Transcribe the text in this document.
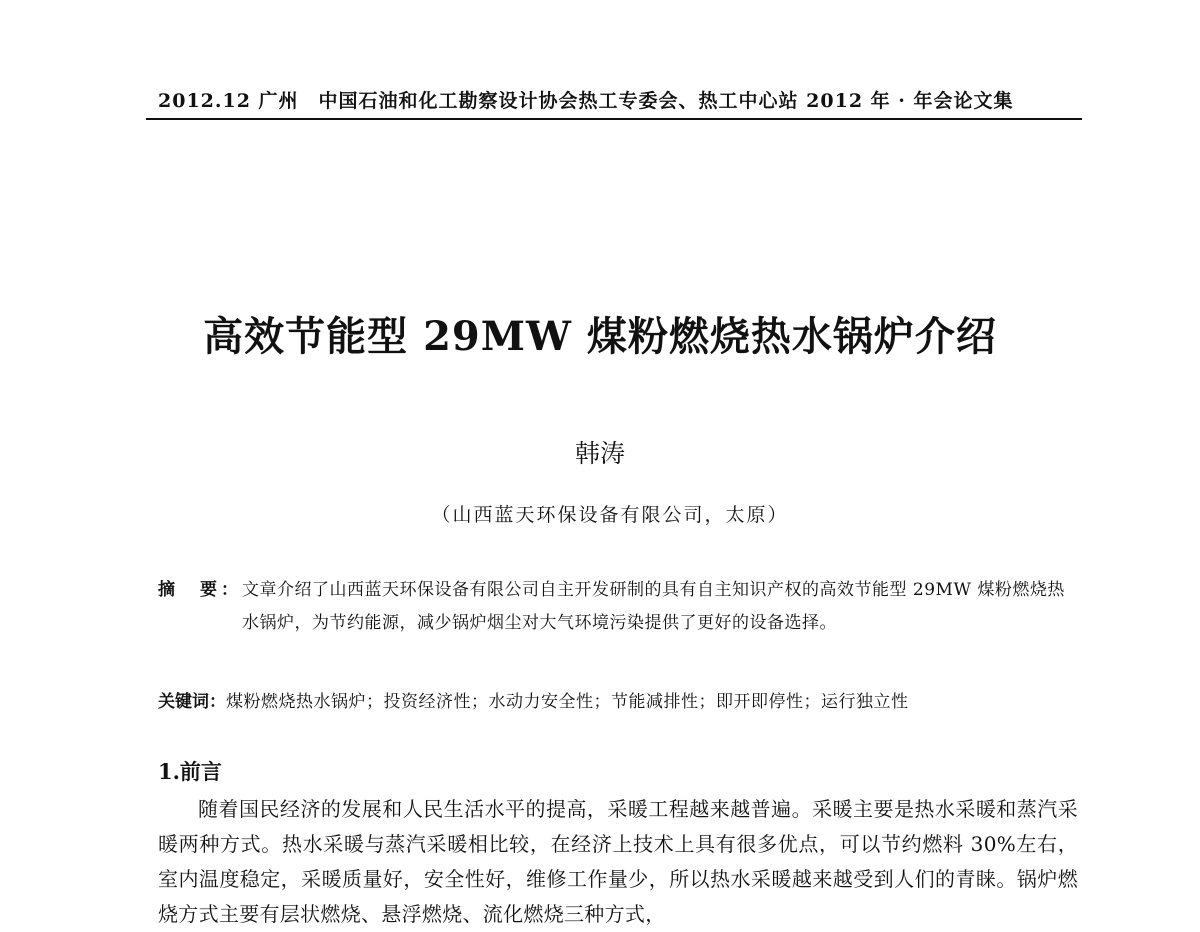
2012.12 广州　中国石油和化工勘察设计协会热工专委会、热工中心站 2012 年 · 年会论文集
高效节能型 29MW 煤粉燃烧热水锅炉介绍
韩涛
（山西蓝天环保设备有限公司，太原）
摘　要： 文章介绍了山西蓝天环保设备有限公司自主开发研制的具有自主知识产权的高效节能型 29MW 煤粉燃烧热水锅炉，为节约能源，减少锅炉烟尘对大气环境污染提供了更好的设备选择。
关键词：煤粉燃烧热水锅炉；投资经济性；水动力安全性；节能减排性；即开即停性；运行独立性
1.前言
随着国民经济的发展和人民生活水平的提高，采暖工程越来越普遍。采暖主要是热水采暖和蒸汽采暖两种方式。热水采暖与蒸汽采暖相比较，在经济上技术上具有很多优点，可以节约燃料 30%左右，室内温度稳定，采暖质量好，安全性好，维修工作量少，所以热水采暖越来越受到人们的青睐。锅炉燃烧方式主要有层状燃烧、悬浮燃烧、流化燃烧三种方式，
